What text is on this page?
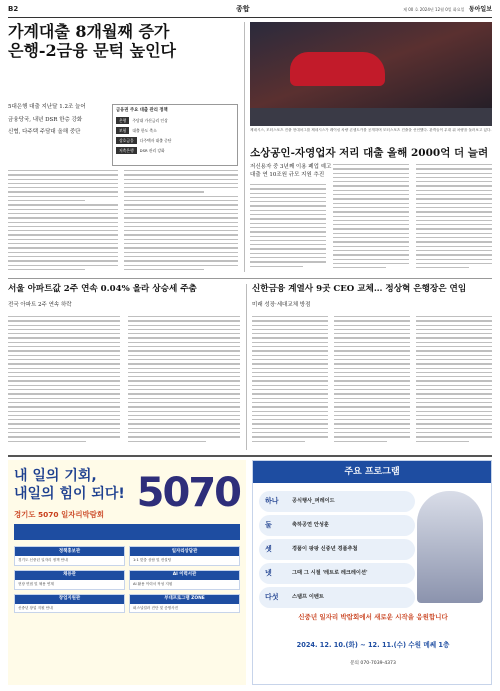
B2	종합	제 00 호 2024년 12월 0일 화요일 동아일보
가계대출 8개월째 증가
은행-2금융 문턱 높인다
5대은행 대출 지난달 1.2조 늘어
금융당국, 내년 DSR 한층 강화
신협, 다주택 주담대 올해 중단
금융권 주요 대출 관리 정책
은행	주담대 가산금리 인상
보험	대출 한도 축소
상호금융	다주택자 대출 중단
저축은행	DSR 관리 강화
제네시스, 모터스포츠 진출 현대차그룹 제네시스가 레이싱 차량 콘셉트카를 공개하며 모터스포츠 진출을 선언했다. 관객들이 무대 위 차량을 둘러보고 있다.
소상공인-자영업자 저리 대출 올해 2000억 더 늘려
저신용자 중 3년째 이용 폐업 예고
대출 연 10조원 규모 지원 추진
서울 아파트값 2주 연속 0.04% 올라 상승세 주춤
전국 아파트 2주 연속 하락
신한금융 계열사 9곳 CEO 교체… 정상혁 은행장은 연임
미래 성장·세대교체 방점
내 일의 기회,
내일의 힘이 되다!
경기도 5070 일자리박람회 5070
정책홍보관
경기도 신중년 일자리 정책 안내
일자리상담관
1:1 맞춤 상담 및 컨설팅
채용관
현장 면접 및 채용 연계
AI 이력서관
AI 활용 이력서 작성 지원
창업지원관
신중년 창업 지원 안내
부대프로그램 ZONE
퍼스널컬러 진단 및 증명사진
주요 프로그램
하나	공식행사_퍼레이드
둘	축하공연 안성훈
셋	경품이 팡팡 신중년 경품추첨
넷	그때 그 시절 '레트로 레크레이션'
다섯	스탬프 이벤트
신중년 일자리 박람회에서 새로운 시작을 응원합니다
2024. 12. 10.(화) ~ 12. 11.(수) 수원 메쎄 1층
문의 070-7039-4373
